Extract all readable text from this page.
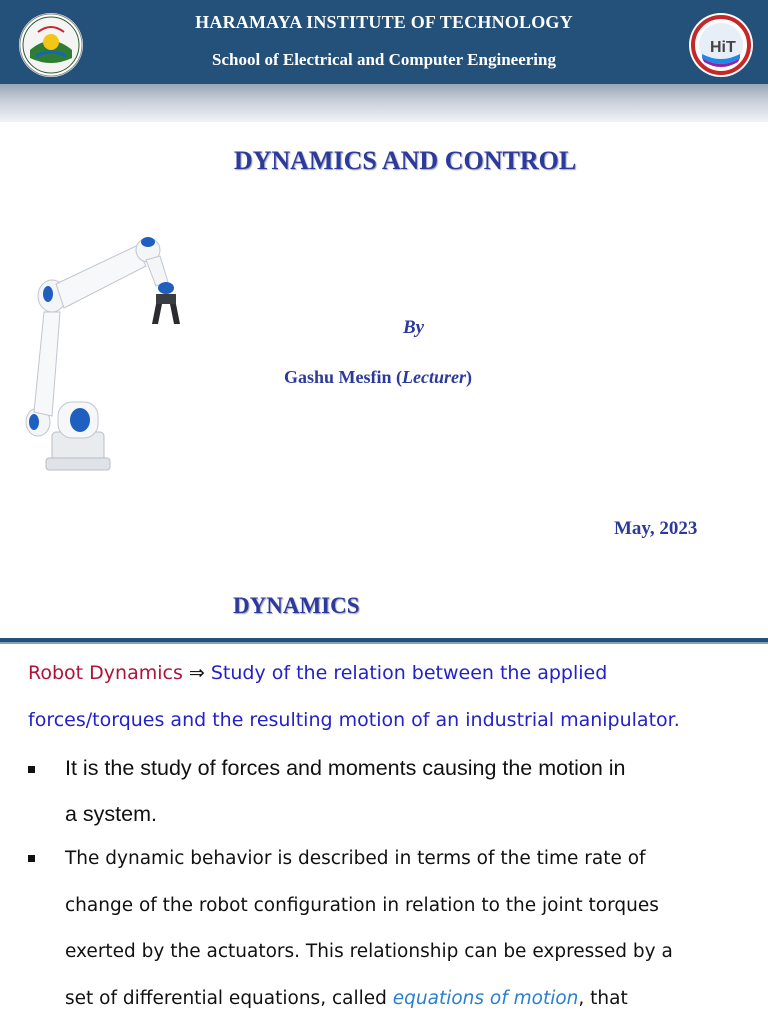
HiT
HARAMAYA INSTITUTE OF TECHNOLOGY
School of Electrical and Computer Engineering
DYNAMICS AND CONTROL
By
Gashu Mesfin (Lecturer)
May, 2023
DYNAMICS
Robot Dynamics ⇒ Study of the relation between the applied
forces/torques and the resulting motion of an industrial manipulator.
It is the study of forces and moments causing the motion in
a system.
The dynamic behavior is described in terms of the time rate of
change of the robot configuration in relation to the joint torques
exerted by the actuators. This relationship can be expressed by a
set of differential equations, called equations of motion, that
